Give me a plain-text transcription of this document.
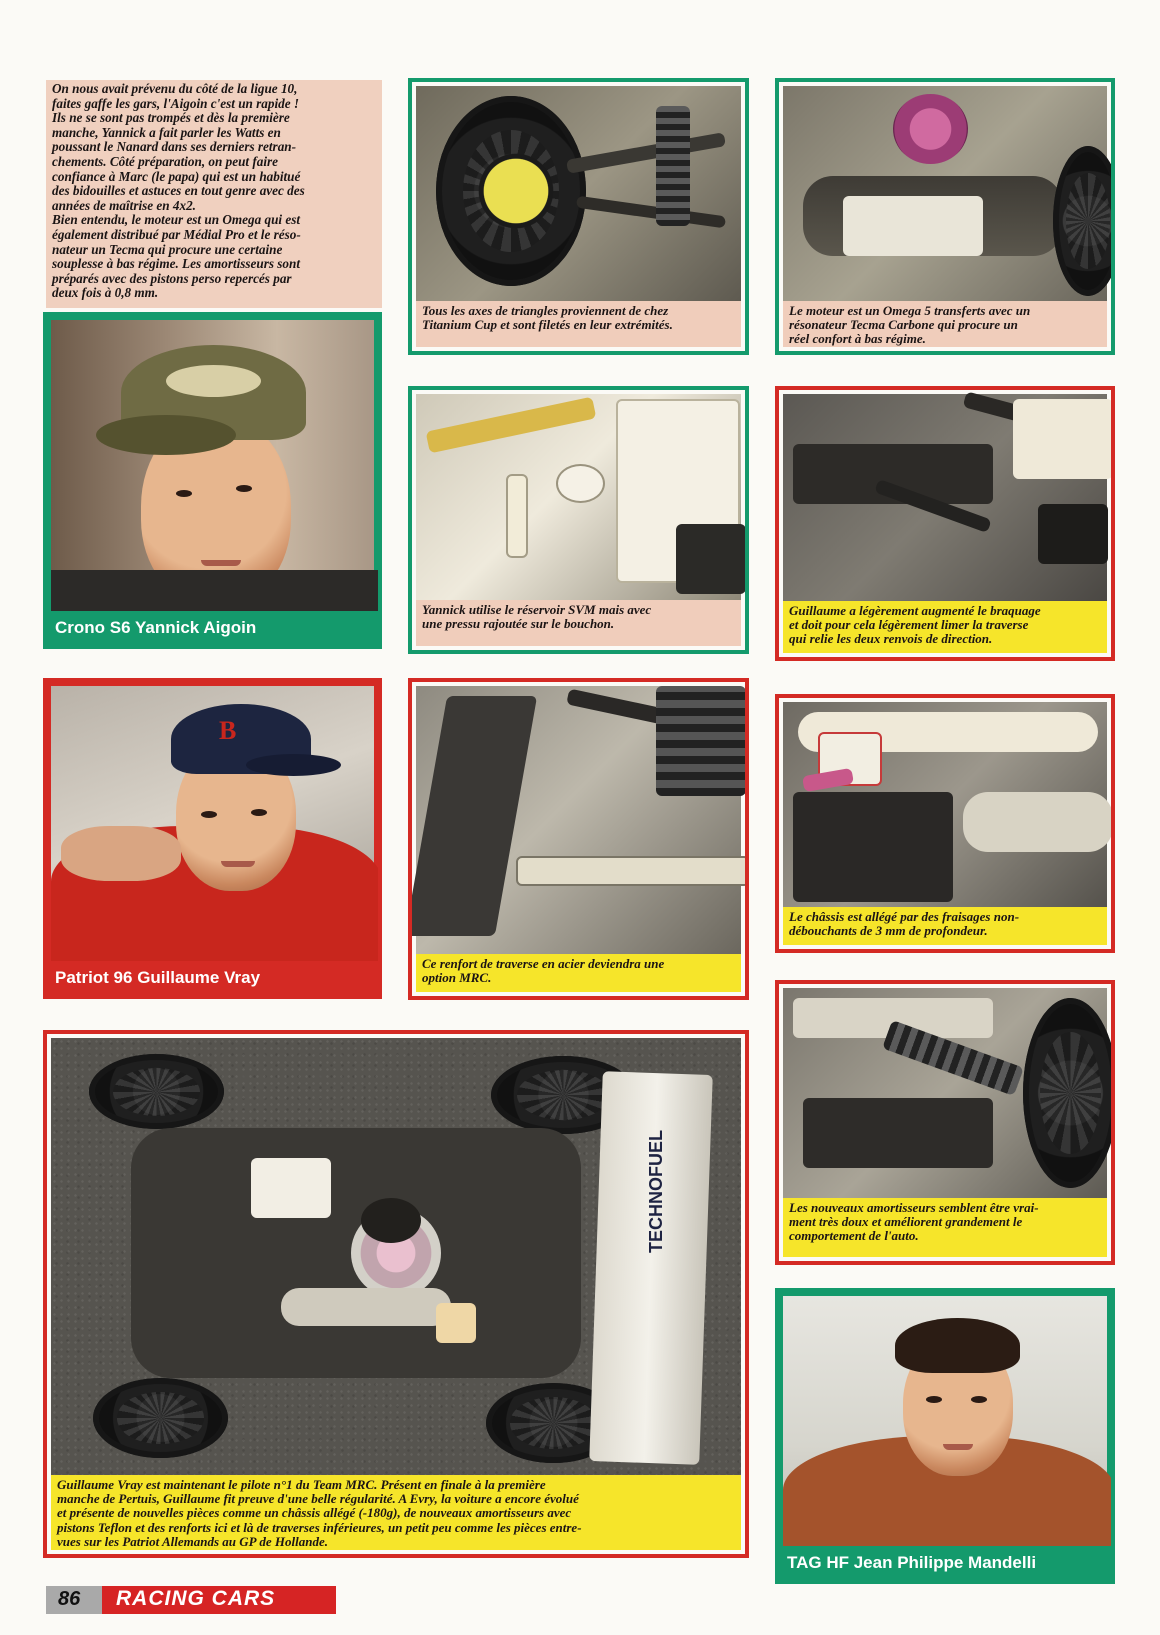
On nous avait prévenu du côté de la ligue 10,
faites gaffe les gars, l'Aigoin c'est un rapide !
Ils ne se sont pas trompés et dès la première
manche, Yannick a fait parler les Watts en
poussant le Nanard dans ses derniers retran-
chements. Côté préparation, on peut faire
confiance à Marc (le papa) qui est un habitué
des bidouilles et astuces en tout genre avec des
années de maîtrise en 4x2.
Bien entendu, le moteur est un Omega qui est
également distribué par Médial Pro et le réso-
nateur un Tecma qui procure une certaine
souplesse à bas régime. Les amortisseurs sont
préparés avec des pistons perso repercés par
deux fois à 0,8 mm.
Crono S6 Yannick Aigoin
B
Patriot 96 Guillaume Vray
Tous les axes de triangles proviennent de chez
Titanium Cup et sont filetés en leur extrémités.
Le moteur est un Omega 5 transferts avec un
résonateur Tecma Carbone qui procure un
réel confort à bas régime.
Yannick utilise le réservoir SVM mais avec
une pressu rajoutée sur le bouchon.
Guillaume a légèrement augmenté le braquage
et doit pour cela légèrement limer la traverse
qui relie les deux renvois de direction.
Ce renfort de traverse en acier deviendra une
option MRC.
Le châssis est allégé par des fraisages non-
débouchants de 3 mm de profondeur.
Les nouveaux amortisseurs semblent être vrai-
ment très doux et améliorent grandement le
comportement de l'auto.
TAG HF Jean Philippe Mandelli
TECHNOFUEL
Guillaume Vray est maintenant le pilote n°1 du Team MRC. Présent en finale à la première
manche de Pertuis, Guillaume fit preuve d'une belle régularité. A Evry, la voiture a encore évolué
et présente de nouvelles pièces comme un châssis allégé (-180g), de nouveaux amortisseurs avec
pistons Teflon et des renforts ici et là de traverses inférieures, un petit peu comme les pièces entre-
vues sur les Patriot Allemands au GP de Hollande.
86	RACING CARS
